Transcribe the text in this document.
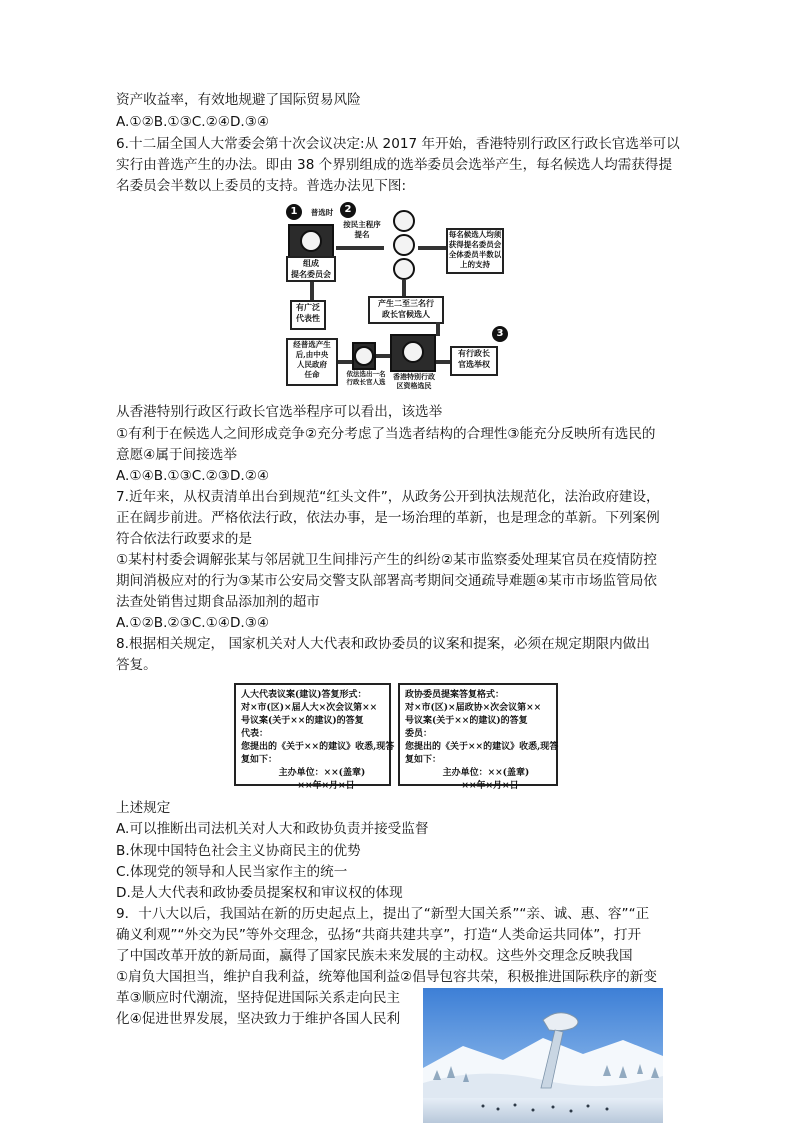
资产收益率，有效地规避了国际贸易风险
A.①②B.①③C.②④D.③④
6.十二届全国人大常委会第十次会议决定:从 2017 年开始，香港特别行政区行政长官选举可以
实行由普选产生的办法。即由 38 个界别组成的选举委员会选举产生，每名候选人均需获得提
名委员会半数以上委员的支持。普选办法见下图:
1	2
普选时
组成
提名委员会
按民主程序
提名	每名候选人均须
获得提名委员会
全体委员半数以
上的支持
有广泛
代表性
产生二至三名行
政长官候选人
3
经普选产生
后,由中央
人民政府
任命	依法选出一名
行政长官人选
香港特别行政
区资格选民
有行政长
官选举权
从香港特别行政区行政长官选举程序可以看出，该选举
①有利于在候选人之间形成竞争②充分考虑了当选者结构的合理性③能充分反映所有选民的
意愿④属于间接选举
A.①④B.①③C.②③D.②④
7.近年来，从权责清单出台到规范“红头文件”，从政务公开到执法规范化，法治政府建设，
正在阔步前进。严格依法行政，依法办事，是一场治理的革新，也是理念的革新。下列案例
符合依法行政要求的是
①某村村委会调解张某与邻居就卫生间排污产生的纠纷②某市监察委处理某官员在疫情防控
期间消极应对的行为③某市公安局交警支队部署高考期间交通疏导难题④某市市场监管局依
法查处销售过期食品添加剂的超市
A.①②B.②③C.①④D.③④
8.根据相关规定， 国家机关对人大代表和政协委员的议案和提案，必须在规定期限内做出
答复。
人大代表议案(建议)答复形式：
对×市(区)×届人大×次会议第××
号议案(关于××的建议)的答复
代表：
您提出的《关于××的建议》收悉,现答
复如下：
主办单位：××(盖章)
××年×月×日
政协委员提案答复格式：
对×市(区)×届政协×次会议第××
号议案(关于××的建议)的答复
委员：
您提出的《关于××的建议》收悉,现答
复如下：
主办单位：××(盖章)
××年×月×日
上述规定
A.可以推断出司法机关对人大和政协负责并接受监督
B.休现中国特色社会主义协商民主的优势
C.体现党的领导和人民当家作主的统一
D.是人大代表和政协委员提案权和审议权的体现
9．十八大以后，我国站在新的历史起点上，提出了“新型大国关系”“亲、诚、惠、容”“正
确义利观”“外交为民”等外交理念，弘扬“共商共建共享”，打造“人类命运共同体”，打开
了中国改革开放的新局面，赢得了国家民族未来发展的主动权。这些外交理念反映我国
①肩负大国担当，维护自我利益，统筹他国利益②倡导包容共荣，积极推进国际秩序的新变
革③顺应时代潮流，坚持促进国际关系走向民主
化④促进世界发展，坚决致力于维护各国人民利
